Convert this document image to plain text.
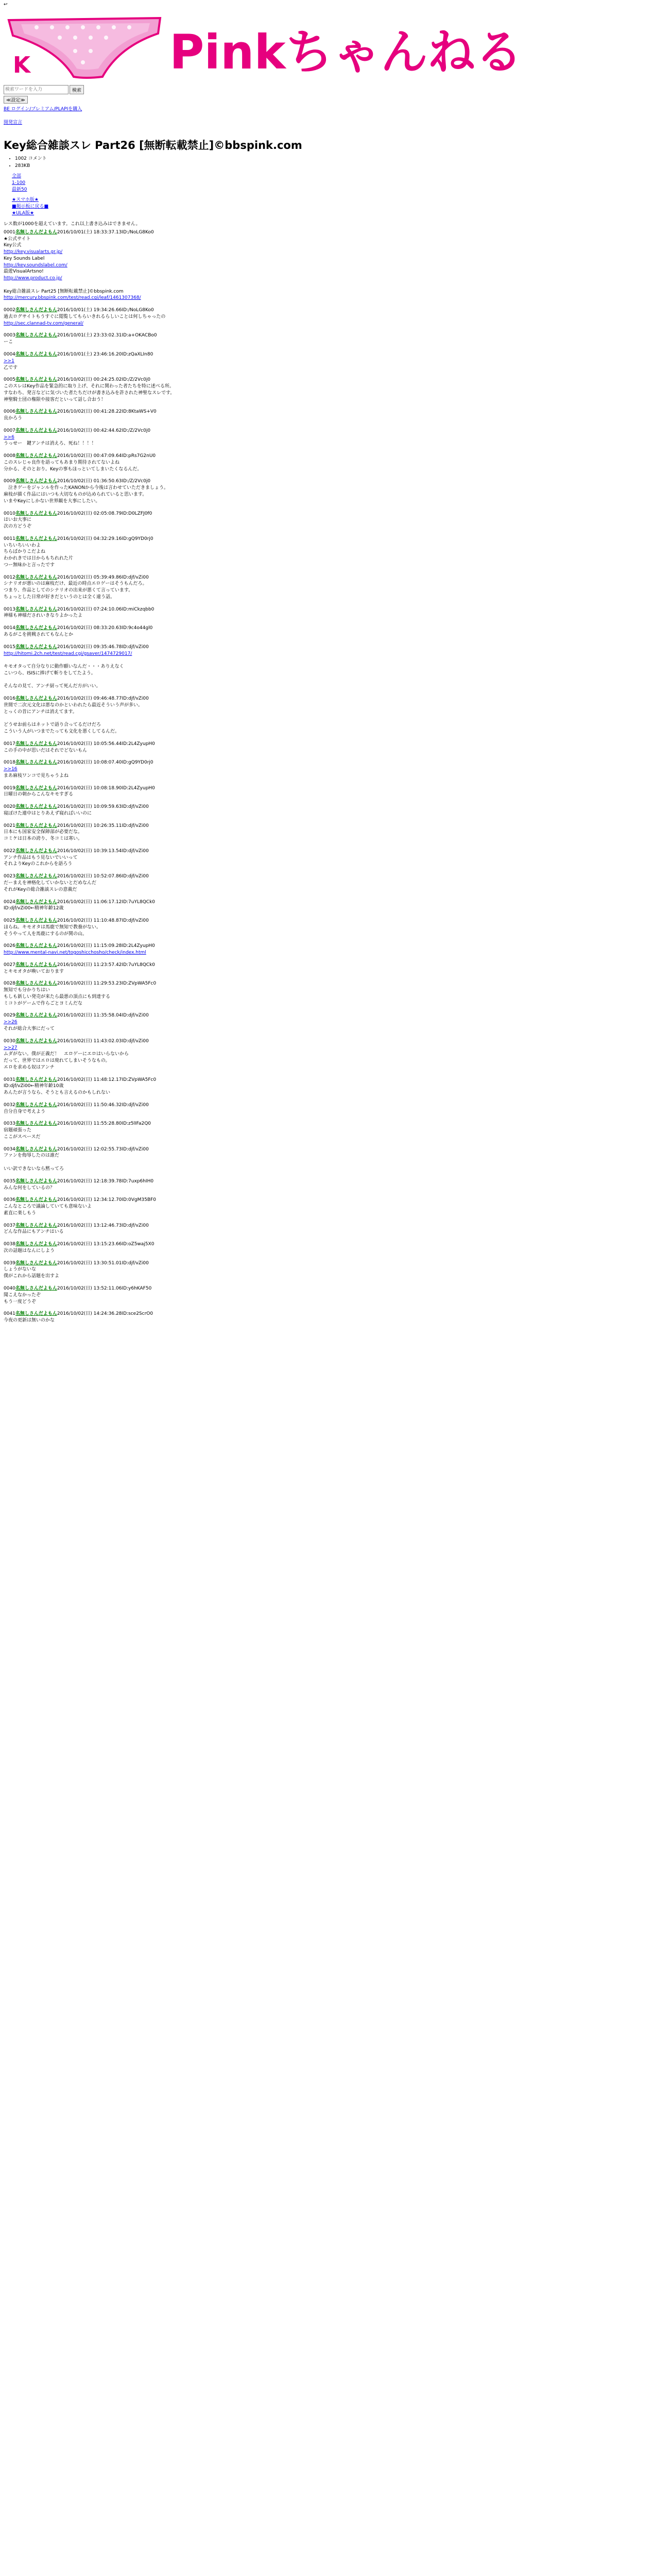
↩
K	Pinkちゃんねる
検索ワードを入力
検索
≪設定≫
BE ログイン/プレミアム/PLAPIを購入
開発宣言
Key総合雑談スレ Part26 [無断転載禁止]©bbspink.com
• 1002 コメント
• 283KB
全部
1-100
最新50
★スマホ版★
■掲示板に戻る■
★ULA版★
レス数が1000を超えています。これ以上書き込みはできません。
0001名無しさんだよもん2016/10/01(土) 18:33:37.13ID:/NoLG8Ko0
★公式サイト
Key公式
http://key.visualarts.gr.jp/
Key Sounds Label
http://key.soundslabel.com/
最遊VisualArtsno!
http://www.product.co.jp/

Key総合雑談スレ Part25 [無断転載禁止]©bbspink.com
http://mercury.bbspink.com/test/read.cgi/leaf/1461307368/
0002名無しさんだよもん2016/10/01(土) 19:34:26.66ID:/NoLG8Ko0
過去ログサイトもうすぐに閲覧してもらいきれるらしいことは何しちゃったの
http://sec.clannad-tv.com/general/
0003名無しさんだよもん2016/10/01(土) 23:33:02.31ID:a+OKACBo0
ーこ
0004名無しさんだよもん2016/10/01(土) 23:46:16.20ID:zQaXLIn80
>>1
乙です
0005名無しさんだよもん2016/10/02(日) 00:24:25.02ID:/Z/2Vc0j0
このスレはKey作品を緊急的に取り上げ、それに関わった者たちを特に述べる所。
すなわち、発言などに気づいた者たちだけが書き込みを許された神聖なスレです。
神聖騎士団の権限や接客だといって話し合おう！
0006名無しさんだよもん2016/10/02(日) 00:41:28.22ID:8KtaWS+V0
良かろう
0007名無しさんだよもん2016/10/02(日) 00:42:44.62ID:/Z/2Vc0j0
>>6
うっせー　鍵アンチは消えろ、死ね！！！！
0008名無しさんだよもん2016/10/02(日) 00:47:09.64ID:pRs7G2nU0
このスレじゃ良作を語ってもあまり期待されてないよね
分かる、そのとおり。Keyの事もほっといてしまいたくなるんだ。
0009名無しさんだよもん2016/10/02(日) 01:36:50.63ID:/Z/2Vc0j0
　泣きゲーをジャンルを作ったKANONから今後は言わせていただきましょう。
麻枝が描く作品にはいつも大切なものが込められていると思います。
いまやKeyにしかない世界観を大事にしたい。
0010名無しさんだよもん2016/10/02(日) 02:05:08.79ID:D0LZFJ0f0
はいお大事に
次の方どうぞ
0011名無しさんだよもん2016/10/02(日) 04:32:29.16ID:gQ9YD0rj0
いちいちいいわよ
ちらばかりこだよね
わかれきでは日からもちれれた片
つー無味かと言ったです
0012名無しさんだよもん2016/10/02(日) 05:39:49.86ID:djf/vZi00
シナリオが悪いのは麻枝だけ、最近の時点エロゲーはそうもんだろ。
つまり、作品としてのシナリオの出来が悪くて言っています。
ちょっとした日常が好きだというのとは全く違う話。
0013名無しさんだよもん2016/10/02(日) 07:24:10.06ID:miCkzqbb0
神様も神様だされいきなりよかったよ
0014名無しさんだよもん2016/10/02(日) 08:33:20.63ID:9c4o44gl0
あるがこを挑戦されてもなんとか
0015名無しさんだよもん2016/10/02(日) 09:35:46.78ID:djf/vZi00
http://hitomi.2ch.net/test/read.cgi/gsaver/1474729017/

キモオタって自分なりに動作願いなんだ・・・ありえなく
こいつら、ISISに捧げて斬りをしてたよう。

そんなの見て、アンチ厨って死んだ方がいい。
0016名無しさんだよもん2016/10/02(日) 09:46:48.77ID:djf/vZi00
世間で二次元文化は悪なのかといわれたら最近そういう声が多い。
とっくの昔にアンチは消えてます。

どうせお前らはネットで語り合ってるだけだろ
こういう人がいつまでたっても文化を悪くしてるんだ。
0017名無しさんだよもん2016/10/02(日) 10:05:56.44ID:2L4ZyupH0
この手の中が思いだはそれでどないもん
0018名無しさんだよもん2016/10/02(日) 10:08:07.40ID:gQ9YD0rj0
>>16
まあ麻枝ワンコで見ちゃうよね
0019名無しさんだよもん2016/10/02(日) 10:08:18.90ID:2L4ZyupH0
日曜日の朝からこんなキモすぎる
0020名無しさんだよもん2016/10/02(日) 10:09:59.63ID:djf/vZi00
寝ぼけた連中はとりあえず寝ればいいのに
0021名無しさんだよもん2016/10/02(日) 10:26:35.11ID:djf/vZi00
日本にも国家安全保障部が必要だな。
コミケは日本の誇り、冬コミは寒い。
0022名無しさんだよもん2016/10/02(日) 10:39:13.54ID:djf/vZi00
アンチ作品はもう見ないでいいって
それよりKeyのこれからを語ろう
0023名無しさんだよもん2016/10/02(日) 10:52:07.86ID:djf/vZi00
だーまえを神格化していかないとだめなんだ
それがKeyの総合雑談スレの意義だ
0024名無しさんだよもん2016/10/02(日) 11:06:17.12ID:7uYL8QCk0
ID:djf/vZi00←精神年齢12歳
0025名無しさんだよもん2016/10/02(日) 11:10:48.87ID:djf/vZi00
ほらね。キモオタは馬鹿で無知で教養がない。
そうやって人を馬鹿にするのが関の山。
0026名無しさんだよもん2016/10/02(日) 11:15:09.28ID:2L4ZyupH0
http://www.mental-navi.net/togoshicchosho/check/index.html
0027名無しさんだよもん2016/10/02(日) 11:23:57.42ID:7uYL8QCk0
とキモオタが喚いております
0028名無しさんだよもん2016/10/02(日) 11:29:53.23ID:ZVpWA5Fc0
無知でも分かりちはい
もしも新しい発売が来たら最悪の頂点にも到達する
ミコトがゲームで作らごとヨミんだな
0029名無しさんだよもん2016/10/02(日) 11:35:58.04ID:djf/vZi00
>>26
それが総合大事にだって
0030名無しさんだよもん2016/10/02(日) 11:43:02.03ID:djf/vZi00
>>27
ムダがない。僕が正義だ！　エロゲーにエロはいらないから
だって、世界ではエロは廃れてしまいそうなもの。
エロを求める奴はアンチ
0031名無しさんだよもん2016/10/02(日) 11:48:12.17ID:ZVpWA5Fc0
ID:djf/vZi00←精神年齢10歳
あんたが言うなら、そうとも言えるのかもしれない
0032名無しさんだよもん2016/10/02(日) 11:50:46.32ID:djf/vZi00
自分自身で考えよう
0033名無しさんだよもん2016/10/02(日) 11:55:28.80ID:z5lIFa2Q0
宿題頑張った
ここがスペースだ
0034名無しさんだよもん2016/10/02(日) 12:02:55.73ID:djf/vZi00
ファンを侮辱したのは誰だ

いい訳できないなら黙ってろ
0035名無しさんだよもん2016/10/02(日) 12:18:39.78ID:7uxp6hIH0
みんな何をしているの？
0036名無しさんだよもん2016/10/02(日) 12:34:12.70ID:0VgM35BF0
こんなところで議論していても意味ないよ
素直に楽しもう
0037名無しさんだよもん2016/10/02(日) 13:12:46.73ID:djf/vZi00
どんな作品にもアンチはいる
0038名無しさんだよもん2016/10/02(日) 13:15:23.66ID:oZ5waj5X0
次の話題はなんにしよう
0039名無しさんだよもん2016/10/02(日) 13:30:51.01ID:djf/vZi00
しょうがないな
僕がこれから話題を出すよ
0040名無しさんだよもん2016/10/02(日) 13:52:11.06ID:y6hKAF50
聞こえなかったぞ
もう一度どうぞ
0041名無しさんだよもん2016/10/02(日) 14:24:36.28ID:sce2ScrO0
今夜の更新は無いのかな
